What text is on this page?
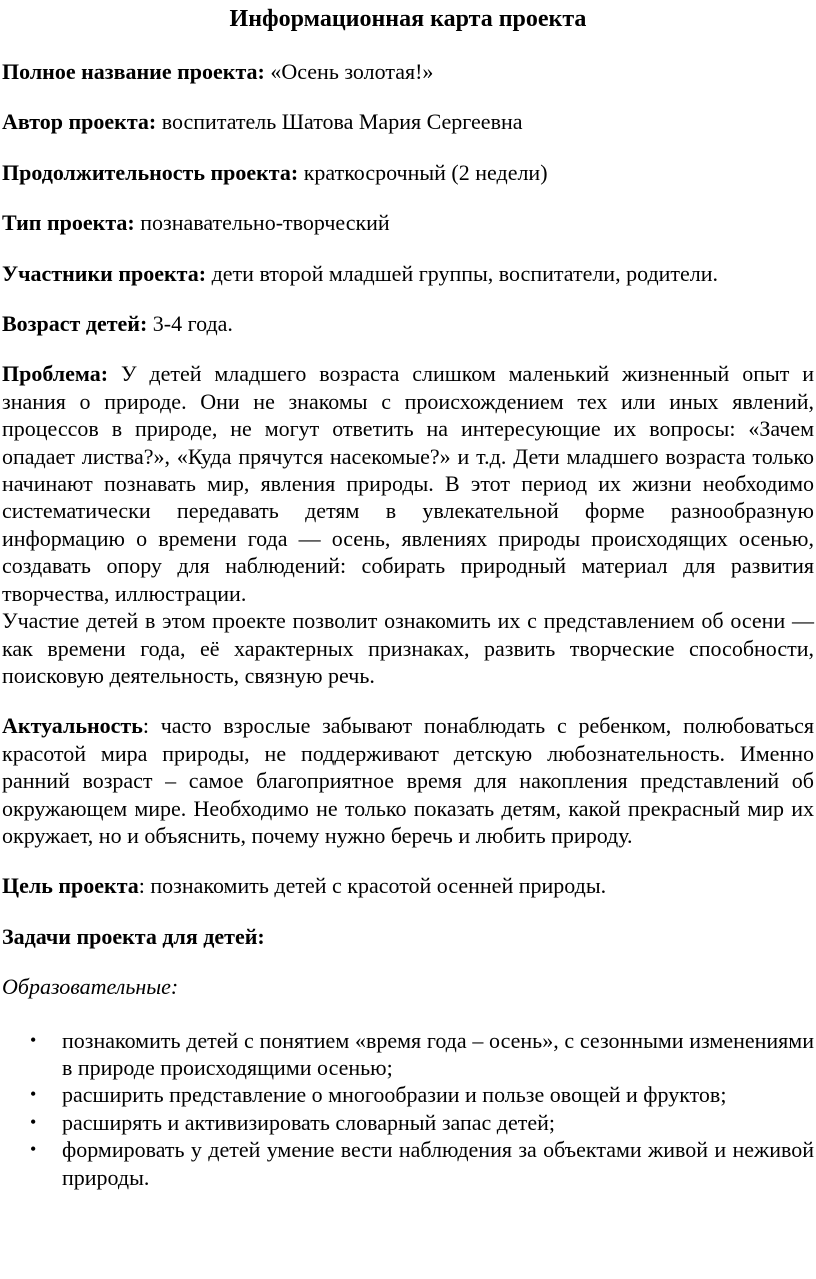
Информационная карта проекта

Полное название проекта: «Осень золотая!»

Автор проекта: воспитатель Шатова Мария Сергеевна

Продолжительность проекта: краткосрочный (2 недели)

Тип проекта: познавательно-творческий

Участники проекта: дети второй младшей группы, воспитатели, родители.

Возраст детей: 3-4 года.

Проблема: У детей младшего возраста слишком маленький жизненный опыт и знания о природе. Они не знакомы с происхождением тех или иных явлений, процессов в природе, не могут ответить на интересующие их вопросы: «Зачем опадает листва?», «Куда прячутся насекомые?» и т.д. Дети младшего возраста только начинают познавать мир, явления природы. В этот период их жизни необходимо систематически передавать детям в увлекательной форме разнообразную информацию о времени года — осень, явлениях природы происходящих осенью, создавать опору для наблюдений: собирать природный материал для развития творчества, иллюстрации.

Участие детей в этом проекте позволит ознакомить их с представлением об осени — как времени года, её характерных признаках, развить творческие способности, поисковую деятельность, связную речь.

Актуальность: часто взрослые забывают понаблюдать с ребенком, полюбоваться красотой мира природы, не поддерживают детскую любознательность. Именно ранний возраст – самое благоприятное время для накопления представлений об окружающем мире. Необходимо не только показать детям, какой прекрасный мир их окружает, но и объяснить, почему нужно беречь и любить природу.

Цель проекта: познакомить детей с красотой осенней природы.

Задачи проекта для детей:

Образовательные:

• познакомить детей с понятием «время года – осень», с сезонными изменениями в природе происходящими осенью;
• расширить представление о многообразии и пользе овощей и фруктов;
• расширять и активизировать словарный запас детей;
• формировать у детей умение вести наблюдения за объектами живой и неживой природы.
